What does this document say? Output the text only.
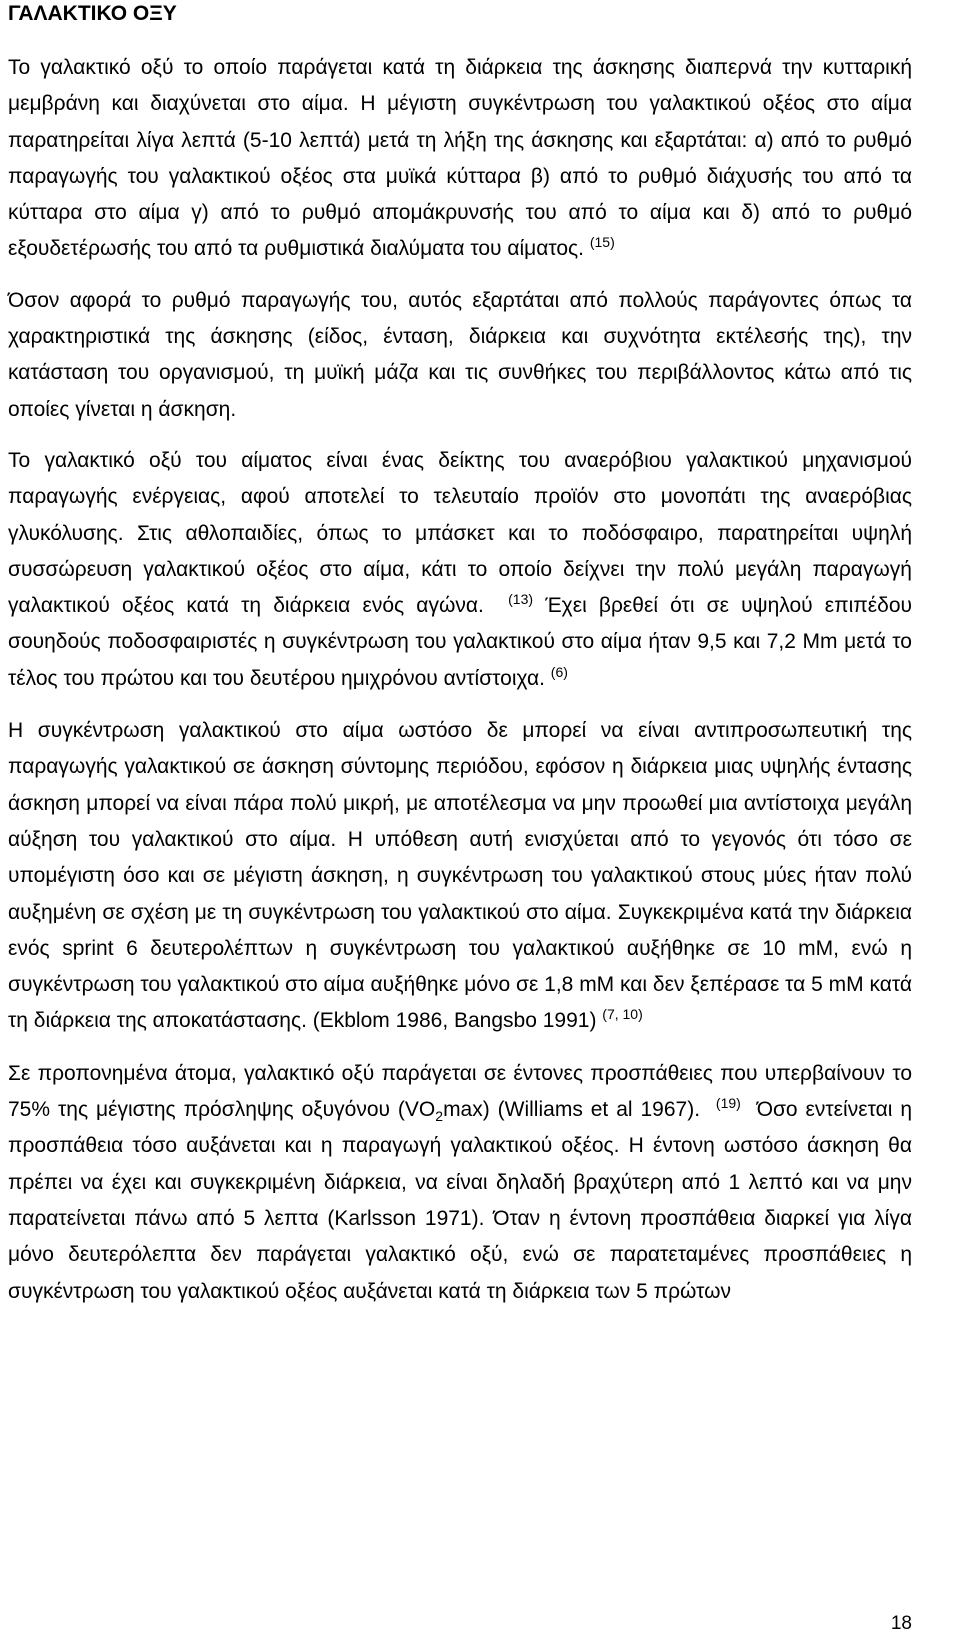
ΓΑΛΑΚΤΙΚΟ ΟΞΥ

Το γαλακτικό οξύ το οποίο παράγεται κατά τη διάρκεια της άσκησης διαπερνά την κυτταρική μεμβράνη και διαχύνεται στο αίμα. Η μέγιστη συγκέντρωση του γαλακτικού οξέος στο αίμα παρατηρείται λίγα λεπτά (5-10 λεπτά) μετά τη λήξη της άσκησης και εξαρτάται: α) από το ρυθμό παραγωγής του γαλακτικού οξέος στα μυϊκά κύτταρα β) από το ρυθμό διάχυσής του από τα κύτταρα στο αίμα γ) από το ρυθμό απομάκρυνσής του από το αίμα και δ) από το ρυθμό εξουδετέρωσής του από τα ρυθμιστικά διαλύματα του αίματος. $^{(15)}$

Όσον αφορά το ρυθμό παραγωγής του, αυτός εξαρτάται από πολλούς παράγοντες όπως τα χαρακτηριστικά της άσκησης (είδος, ένταση, διάρκεια και συχνότητα εκτέλεσής της), την κατάσταση του οργανισμού, τη μυϊκή μάζα και τις συνθήκες του περιβάλλοντος κάτω από τις οποίες γίνεται η άσκηση.

Το γαλακτικό οξύ του αίματος είναι ένας δείκτης του αναερόβιου γαλακτικού μηχανισμού παραγωγής ενέργειας, αφού αποτελεί το τελευταίο προϊόν στο μονοπάτι της αναερόβιας γλυκόλυσης. Στις αθλοπαιδίες, όπως το μπάσκετ και το ποδόσφαιρο, παρατηρείται υψηλή συσσώρευση γαλακτικού οξέος στο αίμα, κάτι το οποίο δείχνει την πολύ μεγάλη παραγωγή γαλακτικού οξέος κατά τη διάρκεια ενός αγώνα. $^{(13)}$ Έχει βρεθεί ότι σε υψηλού επιπέδου σουηδούς ποδοσφαιριστές η συγκέντρωση του γαλακτικού στο αίμα ήταν 9,5 και 7,2 Mm μετά το τέλος του πρώτου και του δευτέρου ημιχρόνου αντίστοιχα. $^{(6)}$

Η συγκέντρωση γαλακτικού στο αίμα ωστόσο δε μπορεί να είναι αντιπροσωπευτική της παραγωγής γαλακτικού σε άσκηση σύντομης περιόδου, εφόσον η διάρκεια μιας υψηλής έντασης άσκηση μπορεί να είναι πάρα πολύ μικρή, με αποτέλεσμα να μην προωθεί μια αντίστοιχα μεγάλη αύξηση του γαλακτικού στο αίμα. Η υπόθεση αυτή ενισχύεται από το γεγονός ότι τόσο σε υπομέγιστη όσο και σε μέγιστη άσκηση, η συγκέντρωση του γαλακτικού στους μύες ήταν πολύ αυξημένη σε σχέση με τη συγκέντρωση του γαλακτικού στο αίμα. Συγκεκριμένα κατά την διάρκεια ενός sprint 6 δευτερολέπτων η συγκέντρωση του γαλακτικού αυξήθηκε σε 10 mM, ενώ η συγκέντρωση του γαλακτικού στο αίμα αυξήθηκε μόνο σε 1,8 mM και δεν ξεπέρασε τα 5 mM κατά τη διάρκεια της αποκατάστασης. (Ekblom 1986, Bangsbo 1991) $^{(7, 10)}$

Σε προπονημένα άτομα, γαλακτικό οξύ παράγεται σε έντονες προσπάθειες που υπερβαίνουν το 75% της μέγιστης πρόσληψης οξυγόνου $(VO_2\max)$ (Williams et al 1967). $^{(19)}$ Όσο εντείνεται η προσπάθεια τόσο αυξάνεται και η παραγωγή γαλακτικού οξέος. Η έντονη ωστόσο άσκηση θα πρέπει να έχει και συγκεκριμένη διάρκεια, να είναι δηλαδή βραχύτερη από 1 λεπτό και να μην παρατείνεται πάνω από 5 λεπτα (Karlsson 1971). Όταν η έντονη προσπάθεια διαρκεί για λίγα μόνο δευτερόλεπτα δεν παράγεται γαλακτικό οξύ, ενώ σε παρατεταμένες προσπάθειες η συγκέντρωση του γαλακτικού οξέος αυξάνεται κατά τη διάρκεια των 5 πρώτων

18
